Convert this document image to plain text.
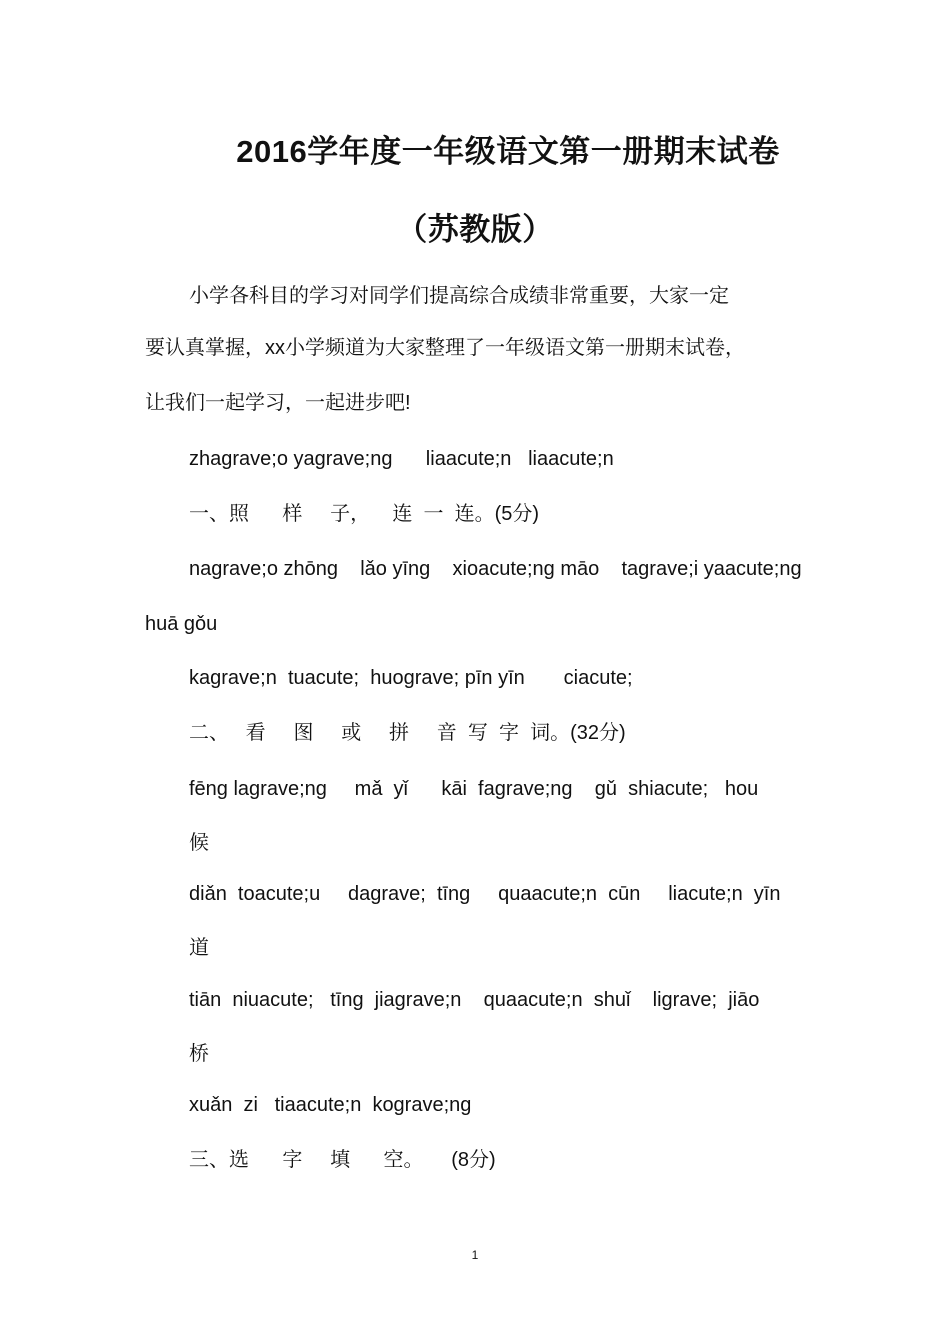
2016学年度一年级语文第一册期末试卷
（苏教版）
小学各科目的学习对同学们提高综合成绩非常重要，大家一定
要认真掌握，xx小学频道为大家整理了一年级语文第一册期末试卷，
让我们一起学习，一起进步吧!
zhagrave;o yagrave;ng      liaacute;n   liaacute;n
一、照      样     子，    连  一  连。(5分)
nagrave;o zhōng    lǎo yīng    xioacute;ng māo    tagrave;i yaacute;ng
huā gǒu
kagrave;n  tuacute;  huograve; pīn yīn       ciacute;
二、   看     图     或     拼     音  写  字  词。(32分)
fēng lagrave;ng     mǎ  yǐ      kāi  fagrave;ng    gǔ  shiacute;   hou
候
diǎn  toacute;u     dagrave;  tīng     quaacute;n  cūn     liacute;n  yīn
道
tiān  niuacute;   tīng  jiagrave;n    quaacute;n  shuǐ    ligrave;  jiāo
桥
xuǎn  zi   tiaacute;n  kograve;ng
三、选      字     填      空。     (8分)
1
